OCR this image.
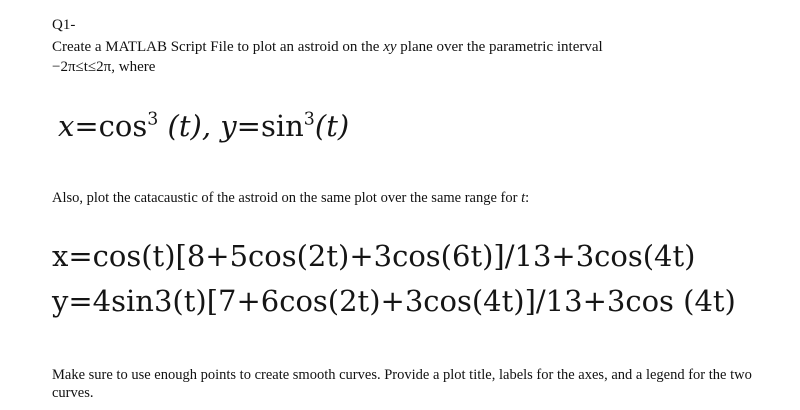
Q1-
Create a MATLAB Script File to plot an astroid on the xy plane over the parametric interval
−2π≤t≤2π, where
$x=\cos^3$ (t), $y=\sin^3(t)$
Also, plot the catacaustic of the astroid on the same plot over the same range for t:
x=cos(t)[8+5cos(2t)+3cos(6t)]/13+3cos(4t)
y=4sin3(t)[7+6cos(2t)+3cos(4t)]/13+3cos (4t)
Make sure to use enough points to create smooth curves. Provide a plot title, labels for the axes, and a legend for the two curves.
